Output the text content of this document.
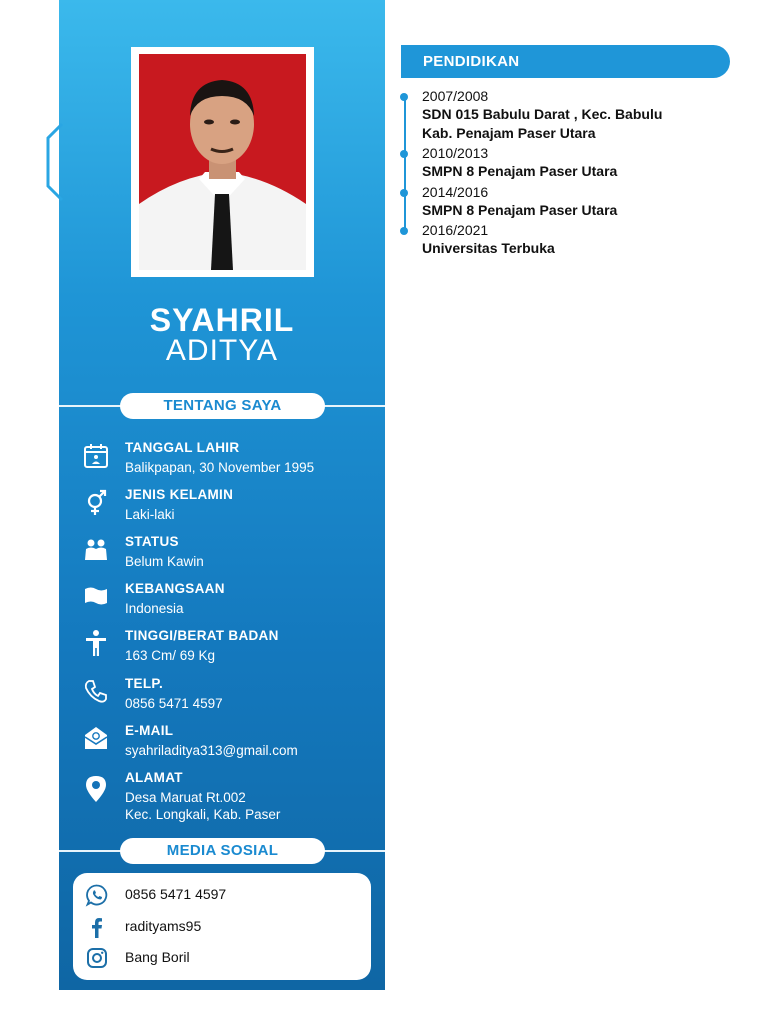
SYAHRIL
ADITYA
TENTANG SAYA
TANGGAL LAHIR
Balikpapan, 30 November 1995
JENIS KELAMIN
Laki-laki
STATUS
Belum Kawin
KEBANGSAAN
Indonesia
TINGGI/BERAT BADAN
163 Cm/ 69 Kg
TELP.
0856 5471 4597
E-MAIL
syahriladitya313@gmail.com
ALAMAT
Desa Maruat Rt.002
Kec. Longkali, Kab. Paser
MEDIA SOSIAL
0856 5471 4597
radityams95
Bang Boril
PENDIDIKAN
2007/2008
SDN 015 Babulu Darat , Kec. Babulu
Kab. Penajam Paser Utara
2010/2013
SMPN 8 Penajam Paser Utara
2014/2016
SMPN 8 Penajam Paser Utara
2016/2021
Universitas Terbuka
